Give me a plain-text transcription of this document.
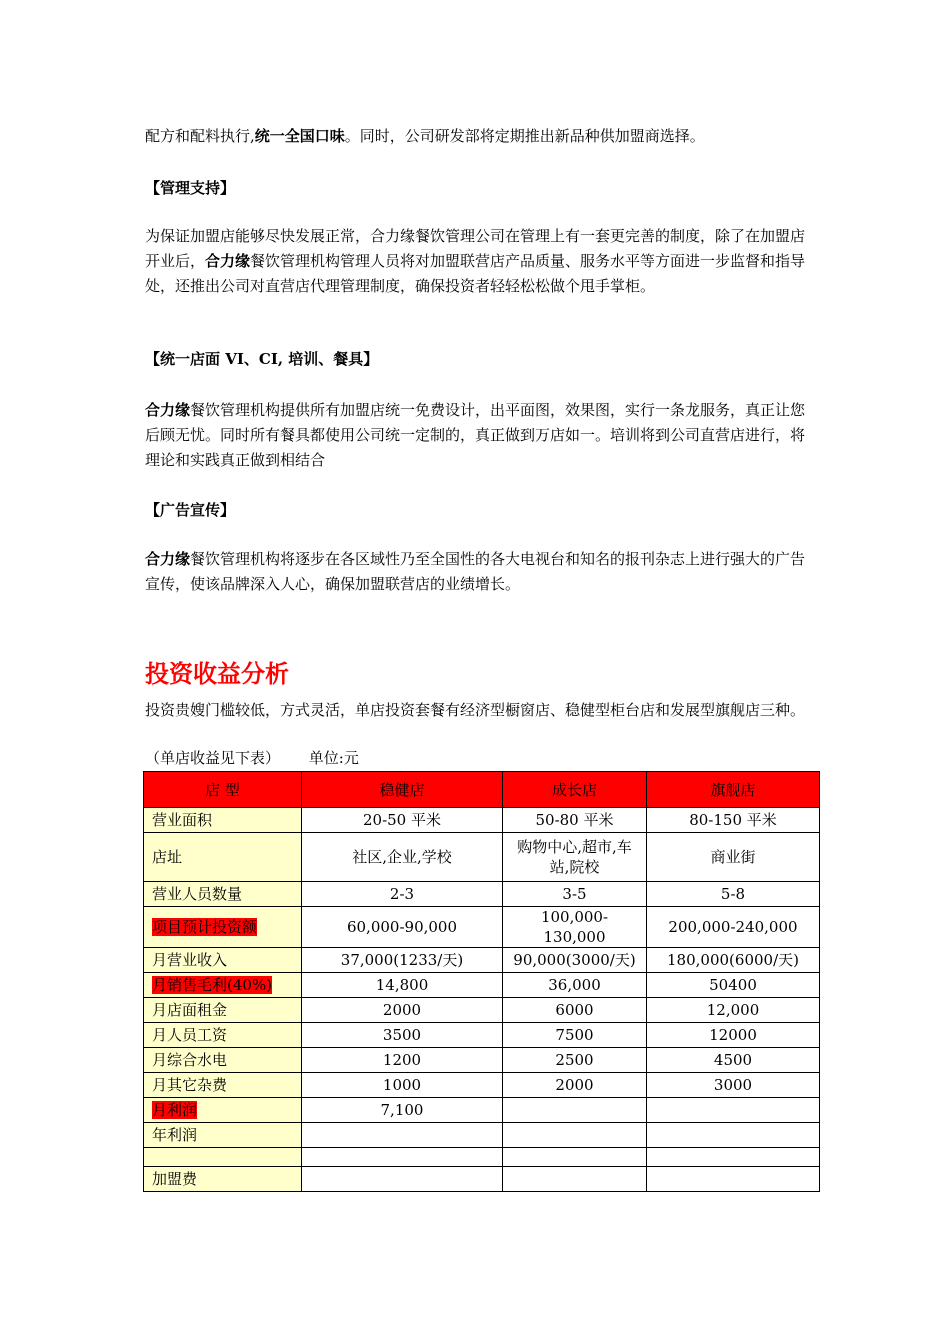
配方和配料执行,统一全国口味。同时，公司研发部将定期推出新品种供加盟商选择。

【管理支持】

为保证加盟店能够尽快发展正常，合力缘餐饮管理公司在管理上有一套更完善的制度，除了在加盟店开业后，合力缘餐饮管理机构管理人员将对加盟联营店产品质量、服务水平等方面进一步监督和指导处，还推出公司对直营店代理管理制度，确保投资者轻轻松松做个甩手掌柜。

【统一店面 VI、CI, 培训、餐具】

合力缘餐饮管理机构提供所有加盟店统一免费设计，出平面图，效果图，实行一条龙服务，真正让您后顾无忧。同时所有餐具都使用公司统一定制的，真正做到万店如一。培训将到公司直营店进行，将理论和实践真正做到相结合

【广告宣传】

合力缘餐饮管理机构将逐步在各区域性乃至全国性的各大电视台和知名的报刊杂志上进行强大的广告宣传，使该品牌深入人心，确保加盟联营店的业绩增长。

投资收益分析

投资贵嫂门槛较低，方式灵活，单店投资套餐有经济型橱窗店、稳健型柜台店和发展型旗舰店三种。

（单店收益见下表） 单位:元
店 型	稳健店	成长店	旗舰店
营业面积	20-50 平米	50-80 平米	80-150 平米
店址	社区,企业,学校	购物中心,超市,车站,院校	商业街
营业人员数量	2-3	3-5	5-8
项目预计投资额	60,000-90,000	100,000-130,000	200,000-240,000
月营业收入	37,000(1233/天)	90,000(3000/天)	180,000(6000/天)
月销售毛利(40%)	14,800	36,000	50400
月店面租金	2000	6000	12,000
月人员工资	3500	7500	12000
月综合水电	1200	2500	4500
月其它杂费	1000	2000	3000
月利润	7,100		
年利润			

加盟费			
